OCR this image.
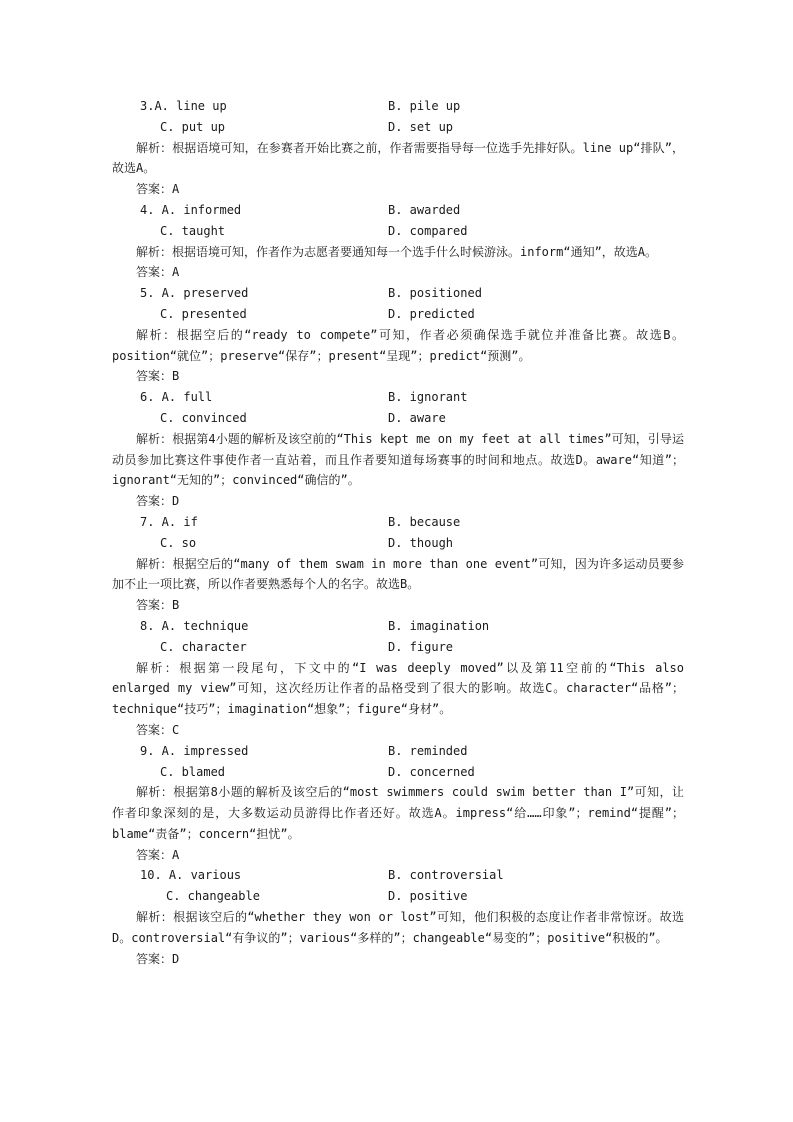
3.A. line up	B. pile up
C. put up	D. set up
解析：根据语境可知，在参赛者开始比赛之前，作者需要指导每一位选手先排好队。line up“排队”，故选A。
答案：A
4. A. informed	B. awarded
C. taught	D. compared
解析：根据语境可知，作者作为志愿者要通知每一个选手什么时候游泳。inform“通知”，故选A。
答案：A
5. A. preserved	B. positioned
C. presented	D. predicted
解析：根据空后的“ready to compete”可知，作者必须确保选手就位并准备比赛。故选B。position“就位”；preserve“保存”；present“呈现”；predict“预测”。
答案：B
6. A. full	B. ignorant
C. convinced	D. aware
解析：根据第4小题的解析及该空前的“This kept me on my feet at all times”可知，引导运动员参加比赛这件事使作者一直站着，而且作者要知道每场赛事的时间和地点。故选D。aware“知道”；ignorant“无知的”；convinced“确信的”。
答案：D
7. A. if	B. because
C. so	D. though
解析：根据空后的“many of them swam in more than one event”可知，因为许多运动员要参加不止一项比赛，所以作者要熟悉每个人的名字。故选B。
答案：B
8. A. technique	B. imagination
C. character	D. figure
解析：根据第一段尾句，下文中的“I was deeply moved”以及第11空前的“This also enlarged my view”可知，这次经历让作者的品格受到了很大的影响。故选C。character“品格”；technique“技巧”；imagination“想象”；figure“身材”。
答案：C
9. A. impressed	B. reminded
C. blamed	D. concerned
解析：根据第8小题的解析及该空后的“most swimmers could swim better than I”可知，让作者印象深刻的是，大多数运动员游得比作者还好。故选A。impress“给……印象”；remind“提醒”；blame“责备”；concern“担忧”。
答案：A
10. A. various	B. controversial
C. changeable	D. positive
解析：根据该空后的“whether they won or lost”可知，他们积极的态度让作者非常惊讶。故选D。controversial“有争议的”；various“多样的”；changeable“易变的”；positive“积极的”。
答案：D
